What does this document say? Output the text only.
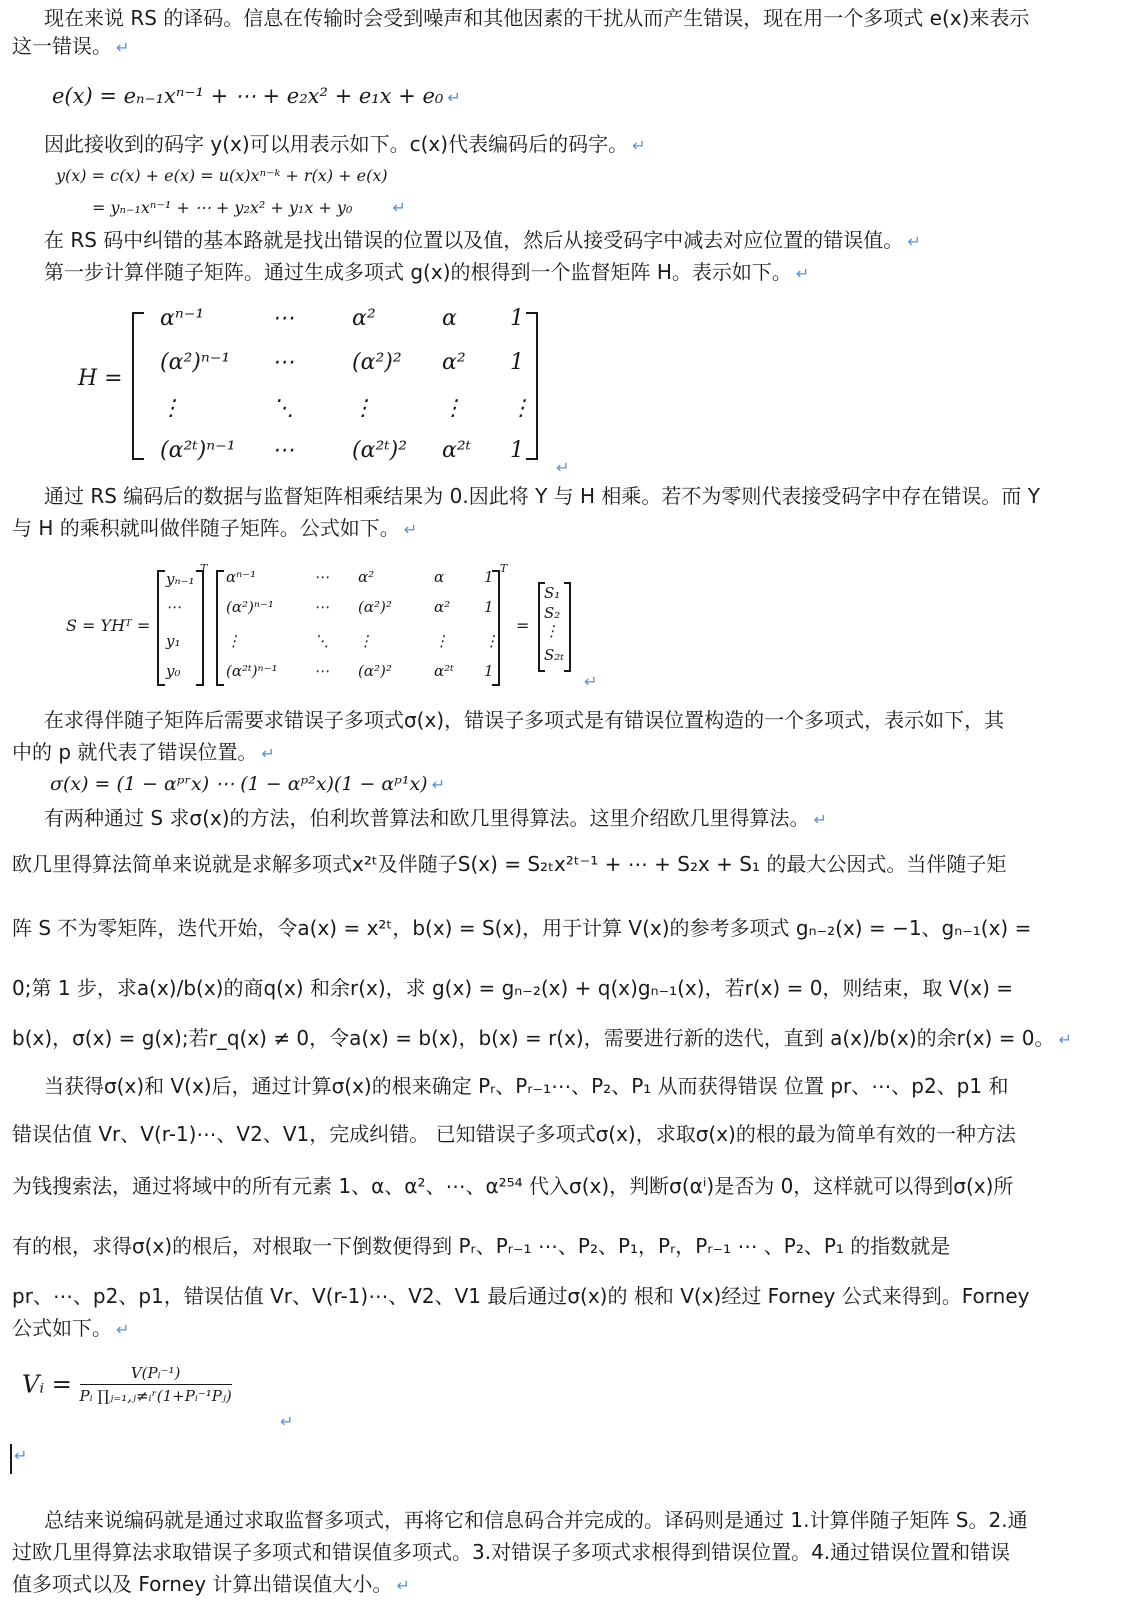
现在来说 RS 的译码。信息在传输时会受到噪声和其他因素的干扰从而产生错误，现在用一个多项式 e(x)来表示
这一错误。 ↵
e(x) = eₙ₋₁xⁿ⁻¹ + ⋯ + e₂x² + e₁x + e₀ ↵
因此接收到的码字 y(x)可以用表示如下。c(x)代表编码后的码字。 ↵
y(x) = c(x) + e(x) = u(x)xⁿ⁻ᵏ + r(x) + e(x)
= yₙ₋₁xⁿ⁻¹ + ⋯ + y₂x² + y₁x + y₀	↵
在 RS 码中纠错的基本路就是找出错误的位置以及值，然后从接受码字中减去对应位置的错误值。 ↵
第一步计算伴随子矩阵。通过生成多项式 g(x)的根得到一个监督矩阵 H。表示如下。 ↵
H =
αⁿ⁻¹	⋯	α²	α 1
(α²)ⁿ⁻¹ ⋯	(α²)² α² 1
⋮	⋱	⋮	⋮ ⋮
(α²ᵗ)ⁿ⁻¹ ⋯	(α²ᵗ)² α²ᵗ 1
↵
通过 RS 编码后的数据与监督矩阵相乘结果为 0.因此将 Y 与 H 相乘。若不为零则代表接受码字中存在错误。而 Y
与 H 的乘积就叫做伴随子矩阵。公式如下。 ↵
S = YHᵀ =
T
yₙ₋₁
⋯
y₁
y₀
T
αⁿ⁻¹	⋯ α²	α	1
(α²)ⁿ⁻¹	⋯ (α²)²	α² 1
⋮	⋱ ⋮	⋮ ⋮
(α²ᵗ)ⁿ⁻¹ ⋯ (α²)²	α²ᵗ 1
=
S₁
S₂
⋮
S₂ₜ
↵
在求得伴随子矩阵后需要求错误子多项式σ(x)，错误子多项式是有错误位置构造的一个多项式，表示如下，其
中的 p 就代表了错误位置。 ↵
σ(x) = (1 − αᵖʳx) ⋯ (1 − αᵖ²x)(1 − αᵖ¹x) ↵
有两种通过 S 求σ(x)的方法，伯利坎普算法和欧几里得算法。这里介绍欧几里得算法。 ↵
欧几里得算法简单来说就是求解多项式x²ᵗ及伴随子S(x) = S₂ₜx²ᵗ⁻¹ + ⋯ + S₂x + S₁ 的最大公因式。当伴随子矩
阵 S 不为零矩阵，迭代开始，令a(x) = x²ᵗ，b(x) = S(x)，用于计算 V(x)的参考多项式 gₙ₋₂(x) = −1、gₙ₋₁(x) =
0;第 1 步，求a(x)/b(x)的商q(x) 和余r(x)，求 g(x) = gₙ₋₂(x) + q(x)gₙ₋₁(x)，若r(x) = 0，则结束，取 V(x) =
b(x)，σ(x) = g(x);若r_q(x) ≠ 0，令a(x) = b(x)，b(x) = r(x)，需要进行新的迭代，直到 a(x)/b(x)的余r(x) = 0。 ↵
当获得σ(x)和 V(x)后，通过计算σ(x)的根来确定 Pᵣ、Pᵣ₋₁⋯、P₂、P₁ 从而获得错误 位置 pr、⋯、p2、p1 和
错误估值 Vr、V(r-1)⋯、V2、V1，完成纠错。 已知错误子多项式σ(x)，求取σ(x)的根的最为简单有效的一种方法
为钱搜索法，通过将域中的所有元素 1、α、α²、⋯、α²⁵⁴ 代入σ(x)，判断σ(αⁱ)是否为 0，这样就可以得到σ(x)所
有的根，求得σ(x)的根后，对根取一下倒数便得到 Pᵣ、Pᵣ₋₁ ⋯、P₂、P₁，Pᵣ，Pᵣ₋₁ ⋯ 、P₂、P₁ 的指数就是
pr、⋯、p2、p1，错误估值 Vr、V(r-1)⋯、V2、V1 最后通过σ(x)的 根和 V(x)经过 Forney 公式来得到。Forney
公式如下。 ↵
Vᵢ = $\frac{\text{V(Pᵢ⁻¹)}}{\text{Pᵢ ∏ⱼ₌₁,ⱼ≠ᵢʳ(1+Pᵢ⁻¹Pⱼ)}}$
↵
↵
总结来说编码就是通过求取监督多项式，再将它和信息码合并完成的。译码则是通过 1.计算伴随子矩阵 S。2.通
过欧几里得算法求取错误子多项式和错误值多项式。3.对错误子多项式求根得到错误位置。4.通过错误位置和错误
值多项式以及 Forney 计算出错误值大小。 ↵
